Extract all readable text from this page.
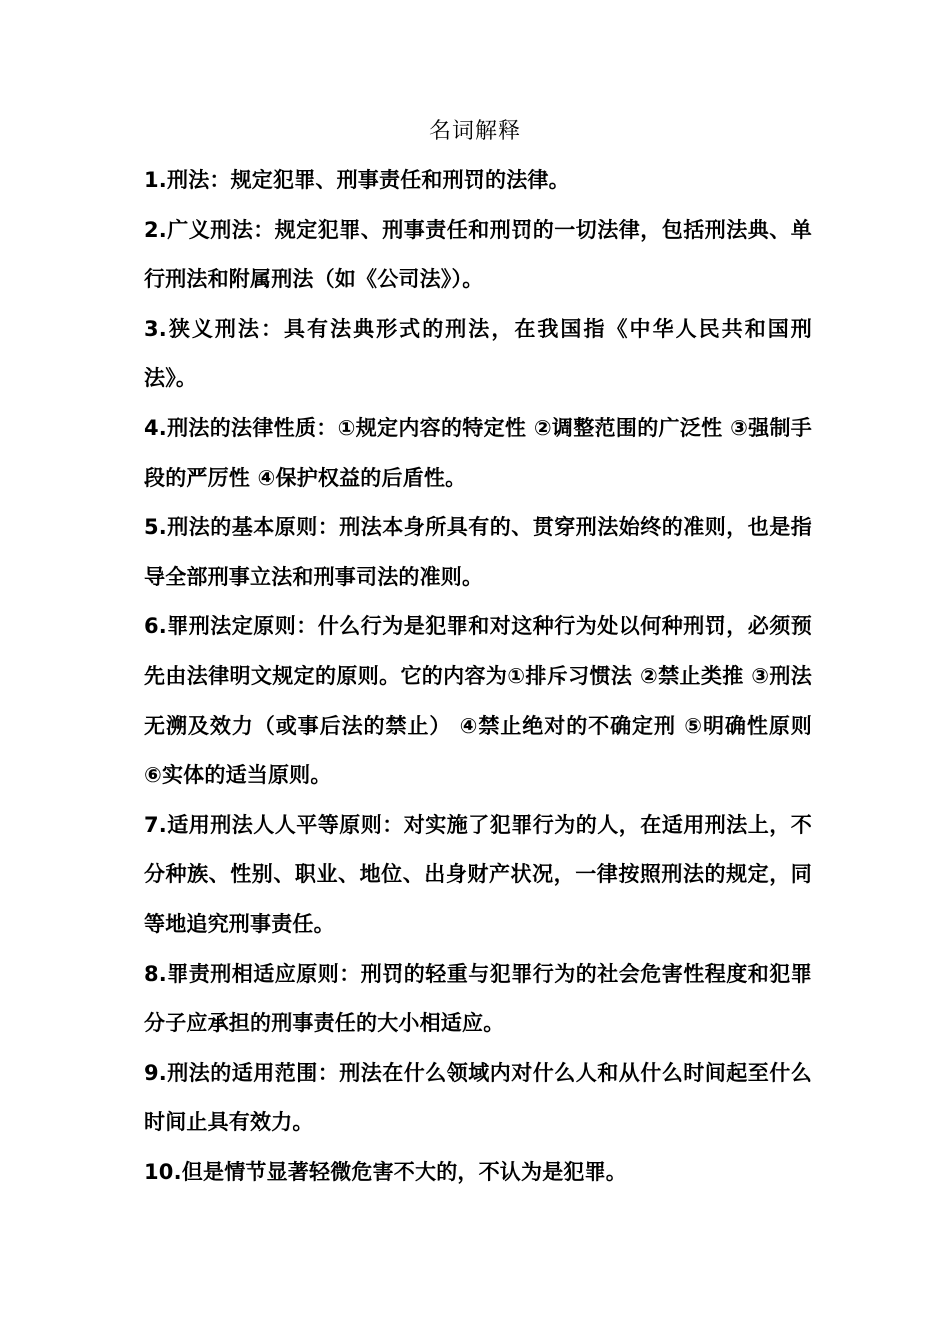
名词解释
1.刑法：规定犯罪、刑事责任和刑罚的法律。
2.广义刑法：规定犯罪、刑事责任和刑罚的一切法律，包括刑法典、单行刑法和附属刑法（如《公司法》）。
3.狭义刑法：具有法典形式的刑法，在我国指《中华人民共和国刑法》。
4.刑法的法律性质：①规定内容的特定性 ②调整范围的广泛性 ③强制手段的严厉性 ④保护权益的后盾性。
5.刑法的基本原则：刑法本身所具有的、贯穿刑法始终的准则，也是指导全部刑事立法和刑事司法的准则。
6.罪刑法定原则：什么行为是犯罪和对这种行为处以何种刑罚，必须预先由法律明文规定的原则。它的内容为①排斥习惯法 ②禁止类推 ③刑法无溯及效力（或事后法的禁止） ④禁止绝对的不确定刑 ⑤明确性原则 ⑥实体的适当原则。
7.适用刑法人人平等原则：对实施了犯罪行为的人，在适用刑法上，不分种族、性别、职业、地位、出身财产状况，一律按照刑法的规定，同等地追究刑事责任。
8.罪责刑相适应原则：刑罚的轻重与犯罪行为的社会危害性程度和犯罪分子应承担的刑事责任的大小相适应。
9.刑法的适用范围：刑法在什么领域内对什么人和从什么时间起至什么时间止具有效力。
10.但是情节显著轻微危害不大的，不认为是犯罪。
